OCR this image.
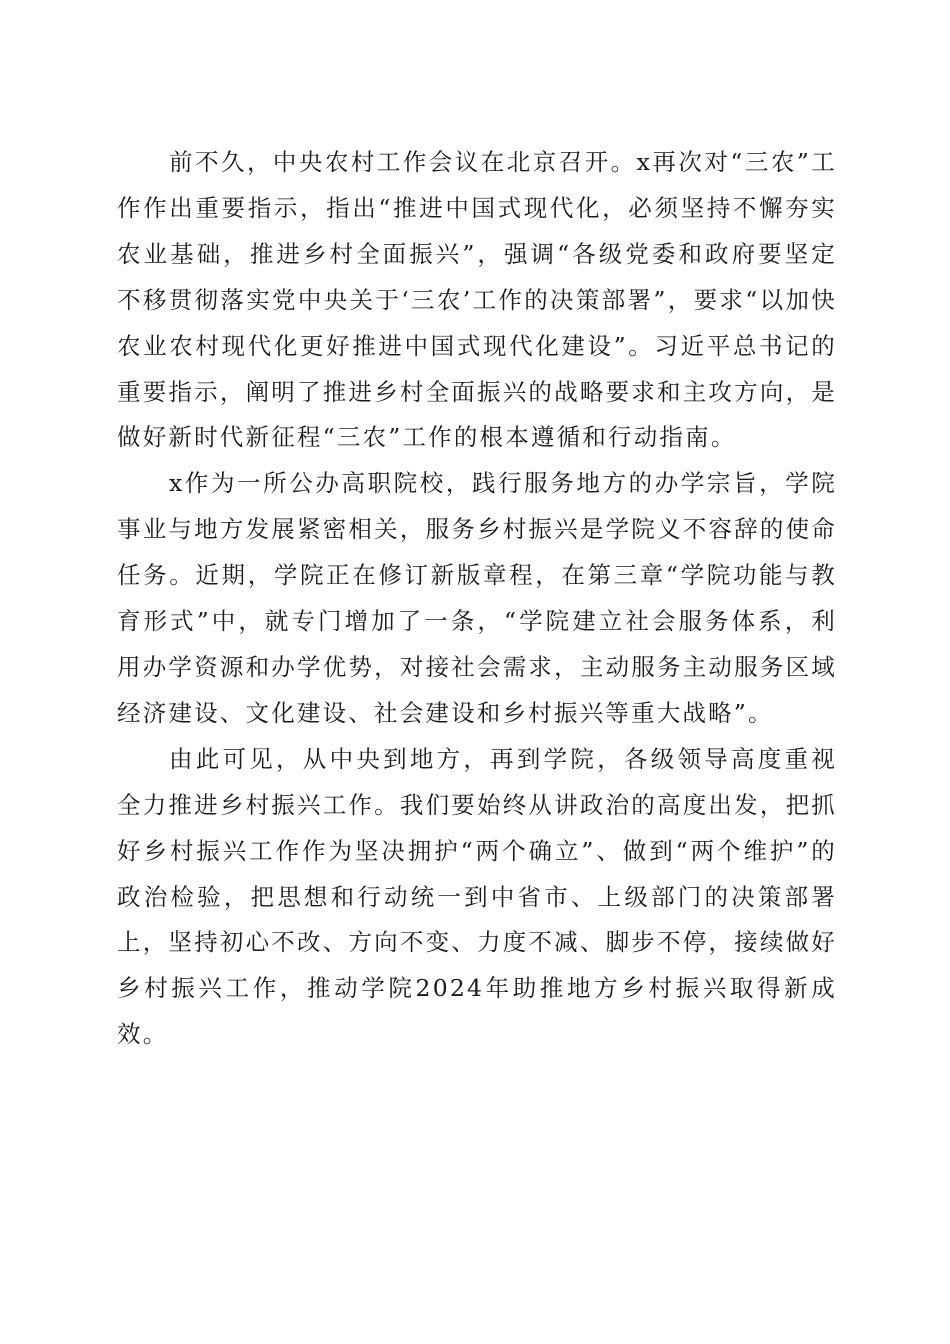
前不久，中央农村工作会议在北京召开。x再次对“三农”工作作出重要指示，指出“推进中国式现代化，必须坚持不懈夯实农业基础，推进乡村全面振兴”，强调“各级党委和政府要坚定不移贯彻落实党中央关于‘三农’工作的决策部署”，要求“以加快农业农村现代化更好推进中国式现代化建设”。习近平总书记的重要指示，阐明了推进乡村全面振兴的战略要求和主攻方向，是做好新时代新征程“三农”工作的根本遵循和行动指南。

x作为一所公办高职院校，践行服务地方的办学宗旨，学院事业与地方发展紧密相关，服务乡村振兴是学院义不容辞的使命任务。近期，学院正在修订新版章程，在第三章“学院功能与教育形式”中，就专门增加了一条，“学院建立社会服务体系，利用办学资源和办学优势，对接社会需求，主动服务主动服务区域经济建设、文化建设、社会建设和乡村振兴等重大战略”。

由此可见，从中央到地方，再到学院，各级领导高度重视全力推进乡村振兴工作。我们要始终从讲政治的高度出发，把抓好乡村振兴工作作为坚决拥护“两个确立”、做到“两个维护”的政治检验，把思想和行动统一到中省市、上级部门的决策部署上，坚持初心不改、方向不变、力度不减、脚步不停，接续做好乡村振兴工作，推动学院2024年助推地方乡村振兴取得新成效。
